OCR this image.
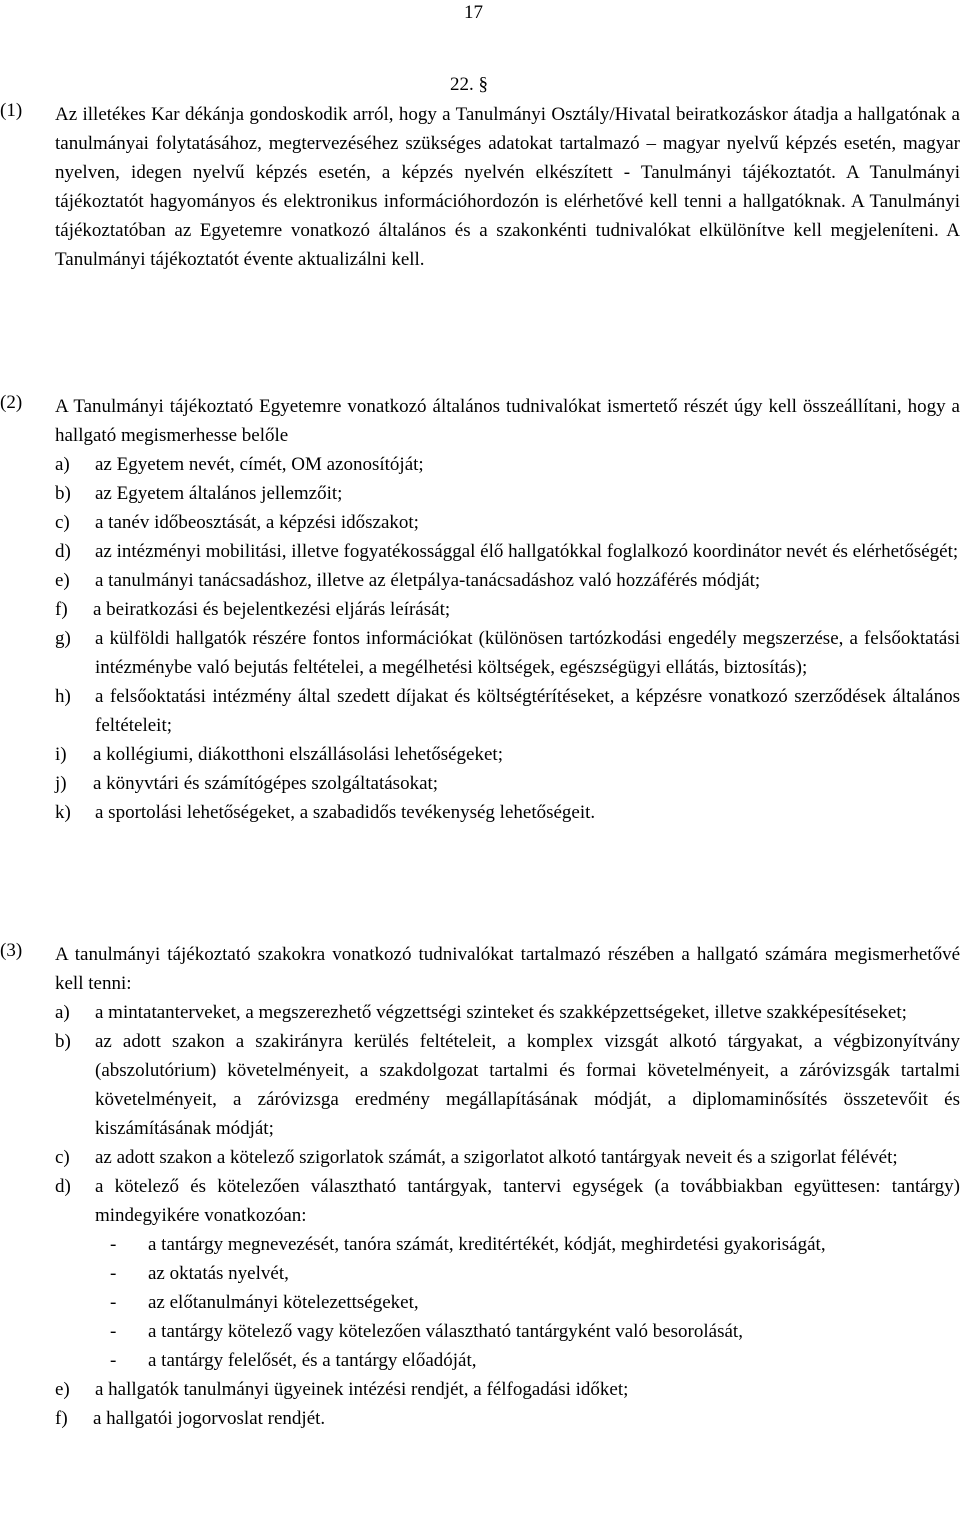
17
22. §
(1) Az illetékes Kar dékánja gondoskodik arról, hogy a Tanulmányi Osztály/Hivatal beiratkozáskor átadja a hallgatónak a tanulmányai folytatásához, megtervezéséhez szükséges adatokat tartalmazó – magyar nyelvű képzés esetén, magyar nyelven, idegen nyelvű képzés esetén, a képzés nyelvén elkészített - Tanulmányi tájékoztatót. A Tanulmányi tájékoztatót hagyományos és elektronikus információhordozón is elérhetővé kell tenni a hallgatóknak. A Tanulmányi tájékoztatóban az Egyetemre vonatkozó általános és a szakonkénti tudnivalókat elkülönítve kell megjeleníteni. A Tanulmányi tájékoztatót évente aktualizálni kell.
(2) A Tanulmányi tájékoztató Egyetemre vonatkozó általános tudnivalókat ismertető részét úgy kell összeállítani, hogy a hallgató megismerhesse belőle
a)	az Egyetem nevét, címét, OM azonosítóját;
b)	az Egyetem általános jellemzőit;
c)	a tanév időbeosztását, a képzési időszakot;
d)	az intézményi mobilitási, illetve fogyatékossággal élő hallgatókkal foglalkozó koordinátor nevét és elérhetőségét;
e)	a tanulmányi tanácsadáshoz, illetve az életpálya-tanácsadáshoz való hozzáférés módját;
f)	a beiratkozási és bejelentkezési eljárás leírását;
g)	a külföldi hallgatók részére fontos információkat (különösen tartózkodási engedély megszerzése, a felsőoktatási intézménybe való bejutás feltételei, a megélhetési költségek, egészségügyi ellátás, biztosítás);
h)	a felsőoktatási intézmény által szedett díjakat és költségtérítéseket, a képzésre vonatkozó szerződések általános feltételeit;
i)	a kollégiumi, diákotthoni elszállásolási lehetőségeket;
j)	a könyvtári és számítógépes szolgáltatásokat;
k)	a sportolási lehetőségeket, a szabadidős tevékenység lehetőségeit.
(3) A tanulmányi tájékoztató szakokra vonatkozó tudnivalókat tartalmazó részében a hallgató számára megismerhetővé kell tenni:
a)	a mintatanterveket, a megszerezhető végzettségi szinteket és szakképzettségeket, illetve szakképesítéseket;
b)	az adott szakon a szakirányra kerülés feltételeit, a komplex vizsgát alkotó tárgyakat, a végbizonyítvány (abszolutórium) követelményeit, a szakdolgozat tartalmi és formai követelményeit, a záróvizsgák tartalmi követelményeit, a záróvizsga eredmény megállapításának módját, a diplomaminősítés összetevőit és kiszámításának módját;
c)	az adott szakon a kötelező szigorlatok számát, a szigorlatot alkotó tantárgyak neveit és a szigorlat félévét;
d)	a kötelező és kötelezően választható tantárgyak, tantervi egységek (a továbbiakban együttesen: tantárgy) mindegyikére vonatkozóan:
-	a tantárgy megnevezését, tanóra számát, kreditértékét, kódját, meghirdetési gyakoriságát,
-	az oktatás nyelvét,
-	az előtanulmányi kötelezettségeket,
-	a tantárgy kötelező vagy kötelezően választható tantárgyként való besorolását,
-	a tantárgy felelősét, és a tantárgy előadóját,
e)	a hallgatók tanulmányi ügyeinek intézési rendjét, a félfogadási időket;
f)	a hallgatói jogorvoslat rendjét.
